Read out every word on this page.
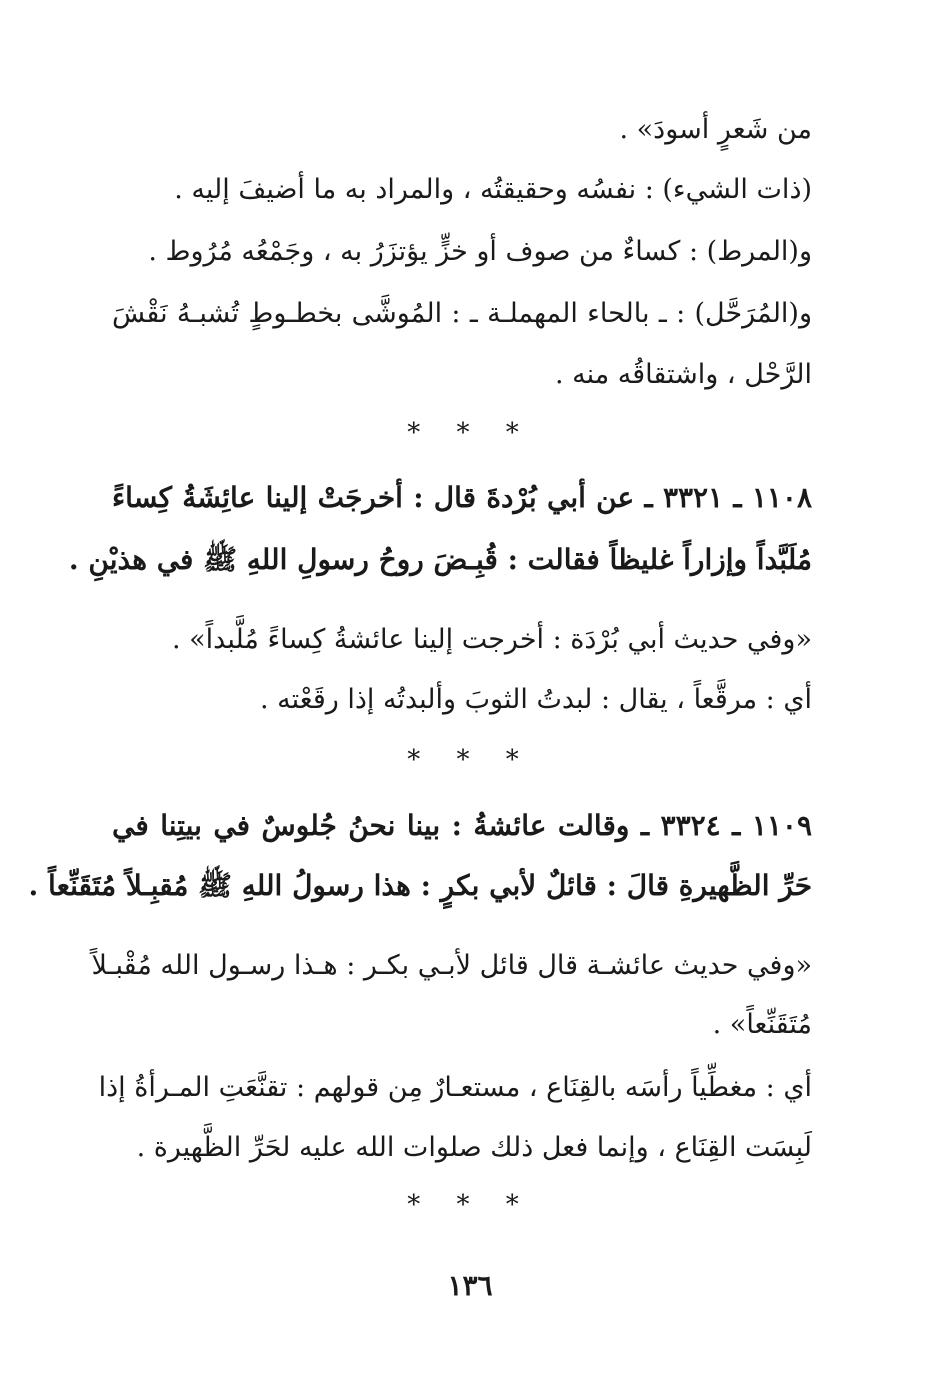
من شَعرٍ أسودَ» .
(ذات الشيء) : نفسُه وحقيقتُه ، والمراد به ما أضيفَ إليه .
و(المرط) : كساءٌ من صوف أو خزٍّ يؤتزَرُ به ، وجَمْعُه مُرُوط .
و(المُرَحَّل) : ـ بالحاء المهملـة ـ : المُوشَّى بخطـوطٍ تُشبـهُ نَقْشَ
الرَّحْل ، واشتقاقُه منه .
* * *
١١٠٨ ـ ٣٣٢١ ـ عن أبي بُرْدةَ قال : أخرجَتْ إلينا عائِشَةُ كِساءً
مُلَبَّداً وإزاراً غليظاً فقالت : قُبِـضَ روحُ رسولِ اللهِ ﷺ في هذيْنِ .
«وفي حديث أبي بُرْدَة : أخرجت إلينا عائشةُ كِساءً مُلَّبداً» .
أي : مرقَّعاً ، يقال : لبدتُ الثوبَ وألبدتُه إذا رقَعْته .
* * *
١١٠٩ ـ ٣٣٢٤ ـ وقالت عائشةُ : بينا نحنُ جُلوسٌ في بيتِنا في
حَرِّ الظَّهيرةِ قالَ : قائلٌ لأبي بكرٍ : هذا رسولُ اللهِ ﷺ مُقبِـلاً مُتَقَنِّعاً .
«وفي حديث عائشـة قال قائل لأبـي بكـر : هـذا رسـول الله مُقْبـلاً
مُتَقَنِّعاً» .
أي : مغطِّياً رأسَه بالقِنَاع ، مستعـارٌ مِن قولهم : تقنَّعَتِ المـرأةُ إذا
لَبِسَت القِنَاع ، وإنما فعل ذلك صلوات الله عليه لحَرِّ الظَّهيرة .
* * *
١٣٦
